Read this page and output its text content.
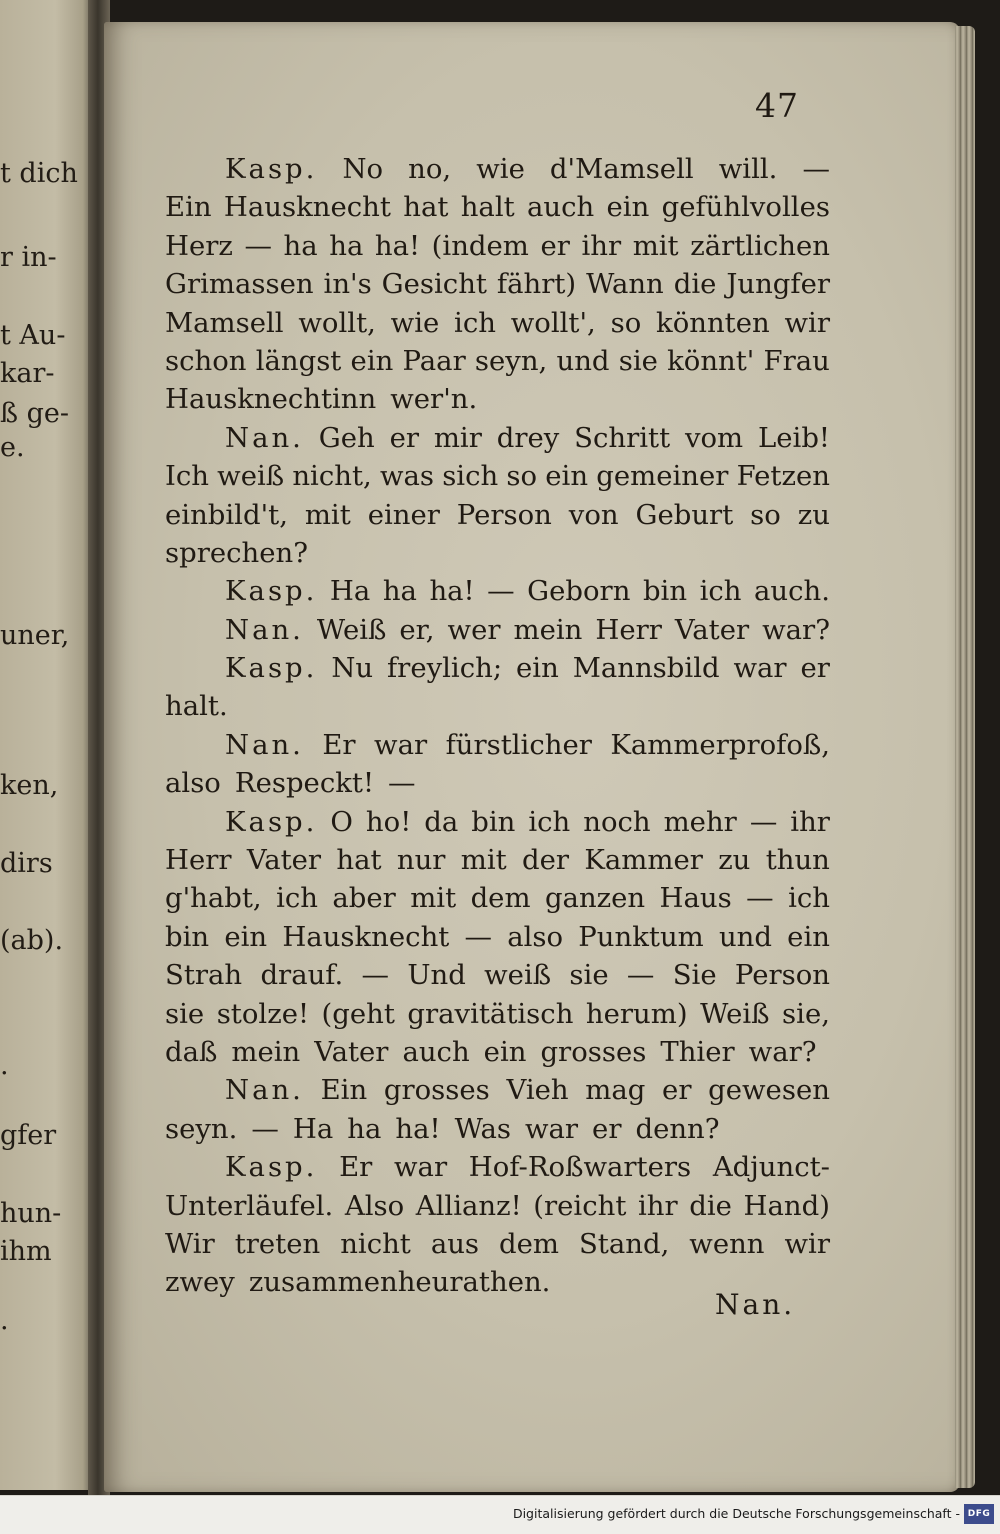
47
Kasp. No no, wie d'Mamsell will. —
Ein Hausknecht hat halt auch ein gefühlvolles
Herz — ha ha ha! (indem er ihr mit zärtlichen
Grimassen in's Gesicht fährt) Wann die Jungfer
Mamsell wollt, wie ich wollt', so könnten wir
schon längst ein Paar seyn, und sie könnt' Frau
Hausknechtinn wer'n.
Nan. Geh er mir drey Schritt vom Leib!
Ich weiß nicht, was sich so ein gemeiner Fetzen
einbild't, mit einer Person von Geburt so zu
sprechen?
Kasp. Ha ha ha! — Geborn bin ich auch.
Nan. Weiß er, wer mein Herr Vater war?
Kasp. Nu freylich; ein Mannsbild war er
halt.
Nan. Er war fürstlicher Kammerprofoß,
also Respeckt! —
Kasp. O ho! da bin ich noch mehr — ihr
Herr Vater hat nur mit der Kammer zu thun
g'habt, ich aber mit dem ganzen Haus — ich
bin ein Hausknecht — also Punktum und ein
Strah drauf. — Und weiß sie — Sie Person
sie stolze! (geht gravitätisch herum) Weiß sie,
daß mein Vater auch ein grosses Thier war?
Nan. Ein grosses Vieh mag er gewesen
seyn. — Ha ha ha! Was war er denn?
Kasp. Er war Hof-Roßwarters Adjunct-
Unterläufel. Also Allianz! (reicht ihr die Hand)
Wir treten nicht aus dem Stand, wenn wir
zwey zusammenheurathen.
Nan.
t dich
r in-
t Au-
kar-
ß ge-
e.
uner,
ken,
dirs
(ab).
.
gfer
hun-
ihm
.
Digitalisierung gefördert durch die Deutsche Forschungsgemeinschaft - DFG
